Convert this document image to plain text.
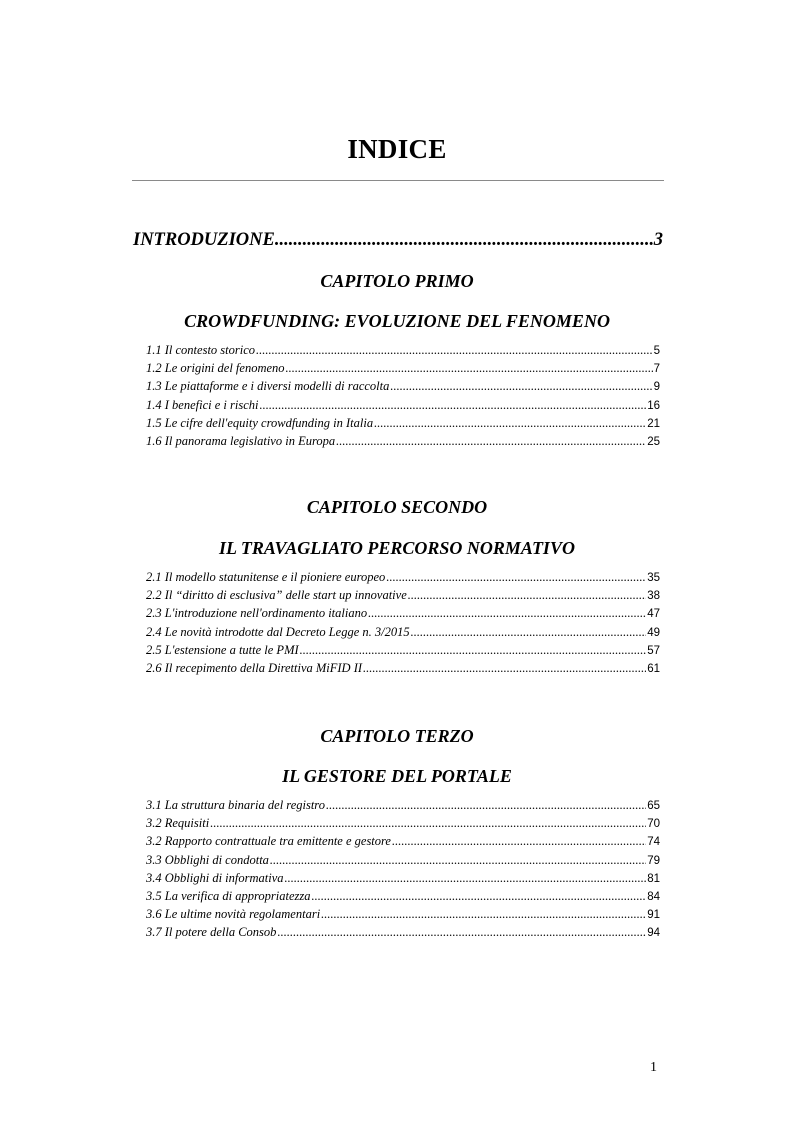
INDICE
INTRODUZIONE .....	3
CAPITOLO PRIMO
CROWDFUNDING: EVOLUZIONE DEL FENOMENO
1.1 Il contesto storico .....	5
1.2 Le origini del fenomeno .....	7
1.3 Le piattaforme e i diversi modelli di raccolta .....	9
1.4 I benefici e i rischi .....	16
1.5 Le cifre dell'equity crowdfunding in Italia .....	21
1.6 Il panorama legislativo in Europa .....	25
CAPITOLO SECONDO
IL TRAVAGLIATO PERCORSO NORMATIVO
2.1 Il modello statunitense e il pioniere europeo .....	35
2.2 Il “diritto di esclusiva” delle start up innovative .....	38
2.3 L'introduzione nell'ordinamento italiano .....	47
2.4 Le novità introdotte dal Decreto Legge n. 3/2015 .....	49
2.5 L'estensione a tutte le PMI .....	57
2.6 Il recepimento della Direttiva MiFID II .....	61
CAPITOLO TERZO
IL GESTORE DEL PORTALE
3.1 La struttura binaria del registro .....	65
3.2 Requisiti .....	70
3.2 Rapporto contrattuale tra emittente e gestore .....	74
3.3 Obblighi di condotta .....	79
3.4 Obblighi di informativa .....	81
3.5 La verifica di appropriatezza .....	84
3.6 Le ultime novità regolamentari .....	91
3.7 Il potere della Consob .....	94
1
